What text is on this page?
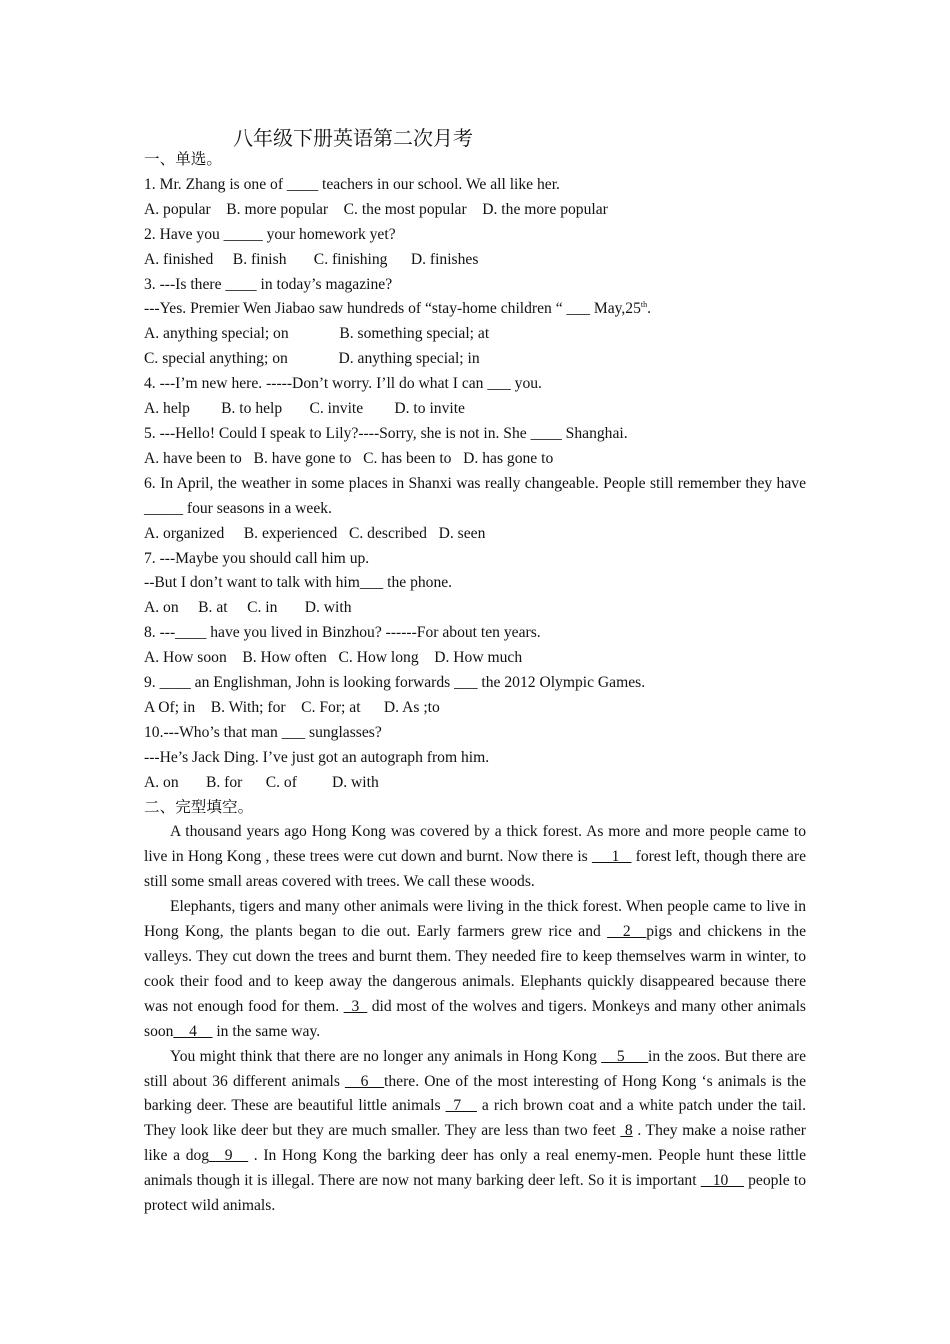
八年级下册英语第二次月考
一、单选。
1. Mr. Zhang is one of ____ teachers in our school. We all like her.
A. popular    B. more popular    C. the most popular    D. the more popular
2. Have you _____ your homework yet?
A. finished     B. finish       C. finishing      D. finishes
3. ---Is there ____ in today’s magazine?
---Yes. Premier Wen Jiabao saw hundreds of “stay-home children “ ___ May,25th.
A. anything special; on             B. something special; at
C. special anything; on             D. anything special; in
4. ---I’m new here. -----Don’t worry. I’ll do what I can ___ you.
A. help        B. to help       C. invite        D. to invite
5. ---Hello! Could I speak to Lily?----Sorry, she is not in. She ____ Shanghai.
A. have been to   B. have gone to   C. has been to   D. has gone to
6. In April, the weather in some places in Shanxi was really changeable. People still remember they have _____ four seasons in a week.
A. organized     B. experienced   C. described   D. seen
7. ---Maybe you should call him up.
--But I don’t want to talk with him___ the phone.
A. on     B. at     C. in       D. with
8. ---____ have you lived in Binzhou? ------For about ten years.
A. How soon    B. How often   C. How long    D. How much
9. ____ an Englishman, John is looking forwards ___ the 2012 Olympic Games.
A Of; in    B. With; for    C. For; at      D. As ;to
10.---Who’s that man ___ sunglasses?
---He’s Jack Ding. I’ve just got an autograph from him.
A. on       B. for      C. of         D. with
二、完型填空。
A thousand years ago Hong Kong was covered by a thick forest. As more and more people came to live in Hong Kong , these trees were cut down and burnt. Now there is  __1_  forest left, though there are still some small areas covered with trees. We call these woods.
Elephants, tigers and many other animals were living in the thick forest. When people came to live in Hong Kong, the plants began to die out. Early farmers grew rice and __2__pigs and chickens in the valleys. They cut down the trees and burnt them. They needed fire to keep themselves warm in winter, to cook their food and to keep away the dangerous animals. Elephants quickly disappeared because there was not enough food for them. _3_ did most of the wolves and tigers. Monkeys and many other animals soon__4__ in the same way.
You might think that there are no longer any animals in Hong Kong __5___in the zoos. But there are still about 36 different animals __6__there. One of the most interesting of Hong Kong ‘s animals is the barking deer. These are beautiful little animals _7__ a rich brown coat and a white patch under the tail. They look like deer but they are much smaller. They are less than two feet  8 . They make a noise rather like a dog__9__ . In Hong Kong the barking deer has only a real enemy-men. People hunt these little animals though it is illegal. There are now not many barking deer left. So it is important  _10__ people to protect wild animals.
